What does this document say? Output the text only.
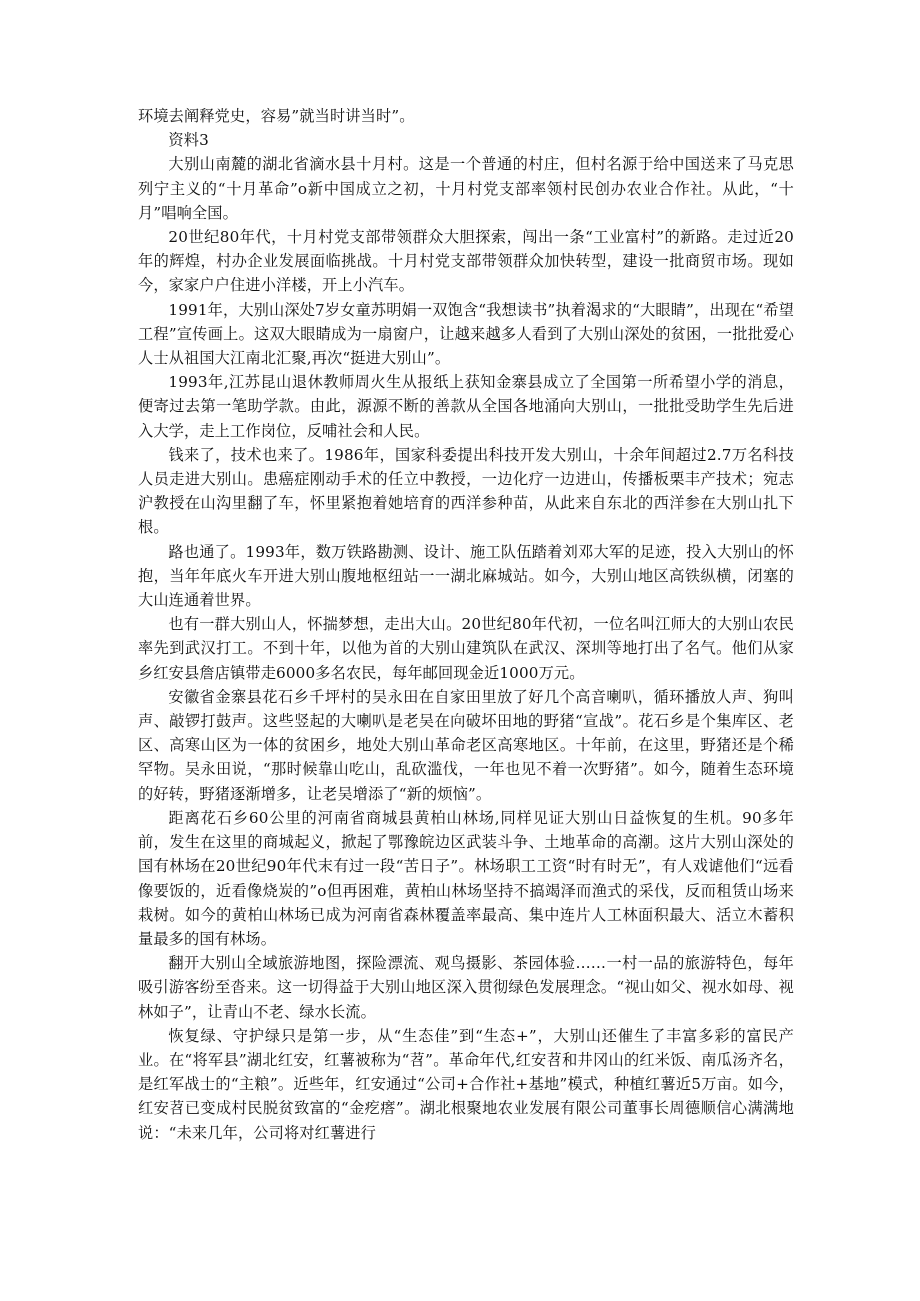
环境去阐释党史，容易”就当时讲当时”。

资料3

大别山南麓的湖北省滴水县十月村。这是一个普通的村庄，但村名源于给中国送来了马克思列宁主义的“十月革命”o新中国成立之初，十月村党支部率领村民创办农业合作社。从此，“十月”唱响全国。

20世纪80年代，十月村党支部带领群众大胆探索，闯出一条“工业富村”的新路。走过近20年的辉煌，村办企业发展面临挑战。十月村党支部带领群众加快转型，建设一批商贸市场。现如今，家家户户住进小洋楼，开上小汽车。

1991年，大别山深处7岁女童苏明娟一双饱含“我想读书”执着渴求的“大眼睛”，出现在“希望工程”宣传画上。这双大眼睛成为一扇窗户，让越来越多人看到了大别山深处的贫困，一批批爱心人士从祖国大江南北汇聚,再次“挺进大别山”。

1993年,江苏昆山退休教师周火生从报纸上获知金寨县成立了全国第一所希望小学的消息，便寄过去第一笔助学款。由此，源源不断的善款从全国各地涌向大别山，一批批受助学生先后进入大学，走上工作岗位，反哺社会和人民。

钱来了，技术也来了。1986年，国家科委提出科技开发大别山，十余年间超过2.7万名科技人员走进大别山。患癌症刚动手术的任立中教授，一边化疗一边进山，传播板栗丰产技术；宛志沪教授在山沟里翻了车，怀里紧抱着她培育的西洋参种苗，从此来自东北的西洋参在大别山扎下根。

路也通了。1993年，数万铁路勘测、设计、施工队伍踏着刘邓大军的足迹，投入大别山的怀抱，当年年底火车开进大别山腹地枢纽站一一湖北麻城站。如今，大别山地区高铁纵横，闭塞的大山连通着世界。

也有一群大别山人，怀揣梦想，走出大山。20世纪80年代初，一位名叫江师大的大别山农民率先到武汉打工。不到十年，以他为首的大别山建筑队在武汉、深圳等地打出了名气。他们从家乡红安县詹店镇带走6000多名农民，每年邮回现金近1000万元。

安徽省金寨县花石乡千坪村的吴永田在自家田里放了好几个高音喇叭，循环播放人声、狗叫声、敲锣打鼓声。这些竖起的大喇叭是老吴在向破坏田地的野猪“宣战”。花石乡是个集库区、老区、高寒山区为一体的贫困乡，地处大别山革命老区高寒地区。十年前，在这里，野猪还是个稀罕物。吴永田说，“那时候靠山吃山，乱砍滥伐，一年也见不着一次野猪”。如今，随着生态环境的好转，野猪逐渐增多，让老吴增添了“新的烦恼”。

距离花石乡60公里的河南省商城县黄柏山林场,同样见证大别山日益恢复的生机。90多年前，发生在这里的商城起义，掀起了鄂豫皖边区武装斗争、土地革命的高潮。这片大别山深处的国有林场在20世纪90年代末有过一段“苦日子”。林场职工工资“时有时无”，有人戏谑他们“远看像要饭的，近看像烧炭的”o但再困难，黄柏山林场坚持不搞竭泽而渔式的采伐，反而租赁山场来栽树。如今的黄柏山林场已成为河南省森林覆盖率最高、集中连片人工林面积最大、活立木蓄积量最多的国有林场。

翻开大别山全域旅游地图，探险漂流、观鸟摄影、茶园体验……一村一品的旅游特色，每年吸引游客纷至沓来。这一切得益于大别山地区深入贯彻绿色发展理念。“视山如父、视水如母、视林如子”，让青山不老、绿水长流。

恢复绿、守护绿只是第一步，从“生态佳”到“生态+”，大别山还催生了丰富多彩的富民产业。在“将军县”湖北红安，红薯被称为“苕”。革命年代,红安苕和井冈山的红米饭、南瓜汤齐名，是红军战士的“主粮”。近些年，红安通过“公司+合作社+基地”模式，种植红薯近5万亩。如今，红安苕已变成村民脱贫致富的“金疙瘩”。湖北根聚地农业发展有限公司董事长周德顺信心满满地说：“未来几年，公司将对红薯进行
